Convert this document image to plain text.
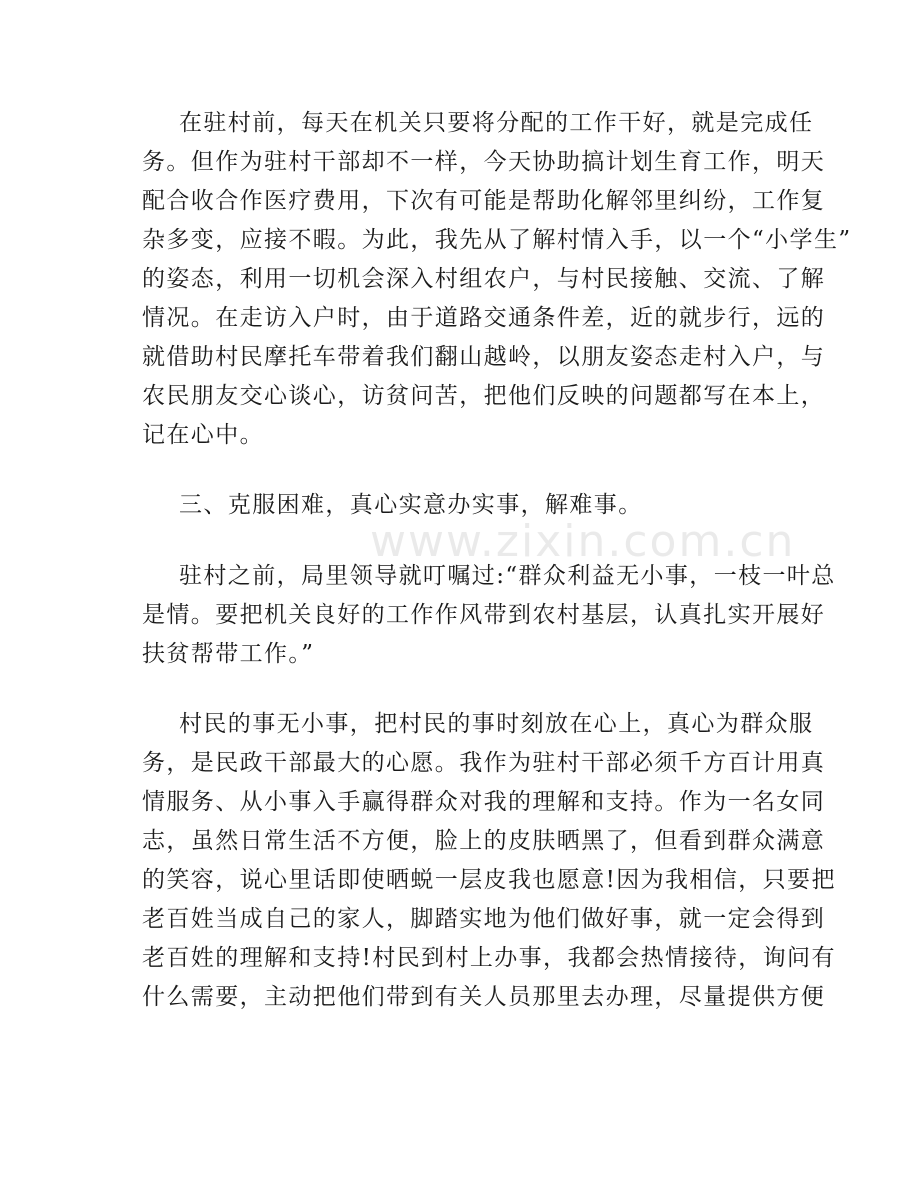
www.zixin.com.cn
在驻村前，每天在机关只要将分配的工作干好，就是完成任
务。但作为驻村干部却不一样，今天协助搞计划生育工作，明天
配合收合作医疗费用，下次有可能是帮助化解邻里纠纷，工作复
杂多变，应接不暇。为此，我先从了解村情入手，以一个“小学生”
的姿态，利用一切机会深入村组农户，与村民接触、交流、了解
情况。在走访入户时，由于道路交通条件差，近的就步行，远的
就借助村民摩托车带着我们翻山越岭，以朋友姿态走村入户，与
农民朋友交心谈心，访贫问苦，把他们反映的问题都写在本上，
记在心中。
三、克服困难，真心实意办实事，解难事。
驻村之前，局里领导就叮嘱过:“群众利益无小事，一枝一叶总
是情。要把机关良好的工作作风带到农村基层，认真扎实开展好
扶贫帮带工作。”
村民的事无小事，把村民的事时刻放在心上，真心为群众服
务，是民政干部最大的心愿。我作为驻村干部必须千方百计用真
情服务、从小事入手赢得群众对我的理解和支持。作为一名女同
志，虽然日常生活不方便，脸上的皮肤晒黑了，但看到群众满意
的笑容，说心里话即使晒蜕一层皮我也愿意!因为我相信，只要把
老百姓当成自己的家人，脚踏实地为他们做好事，就一定会得到
老百姓的理解和支持!村民到村上办事，我都会热情接待，询问有
什么需要，主动把他们带到有关人员那里去办理，尽量提供方便
